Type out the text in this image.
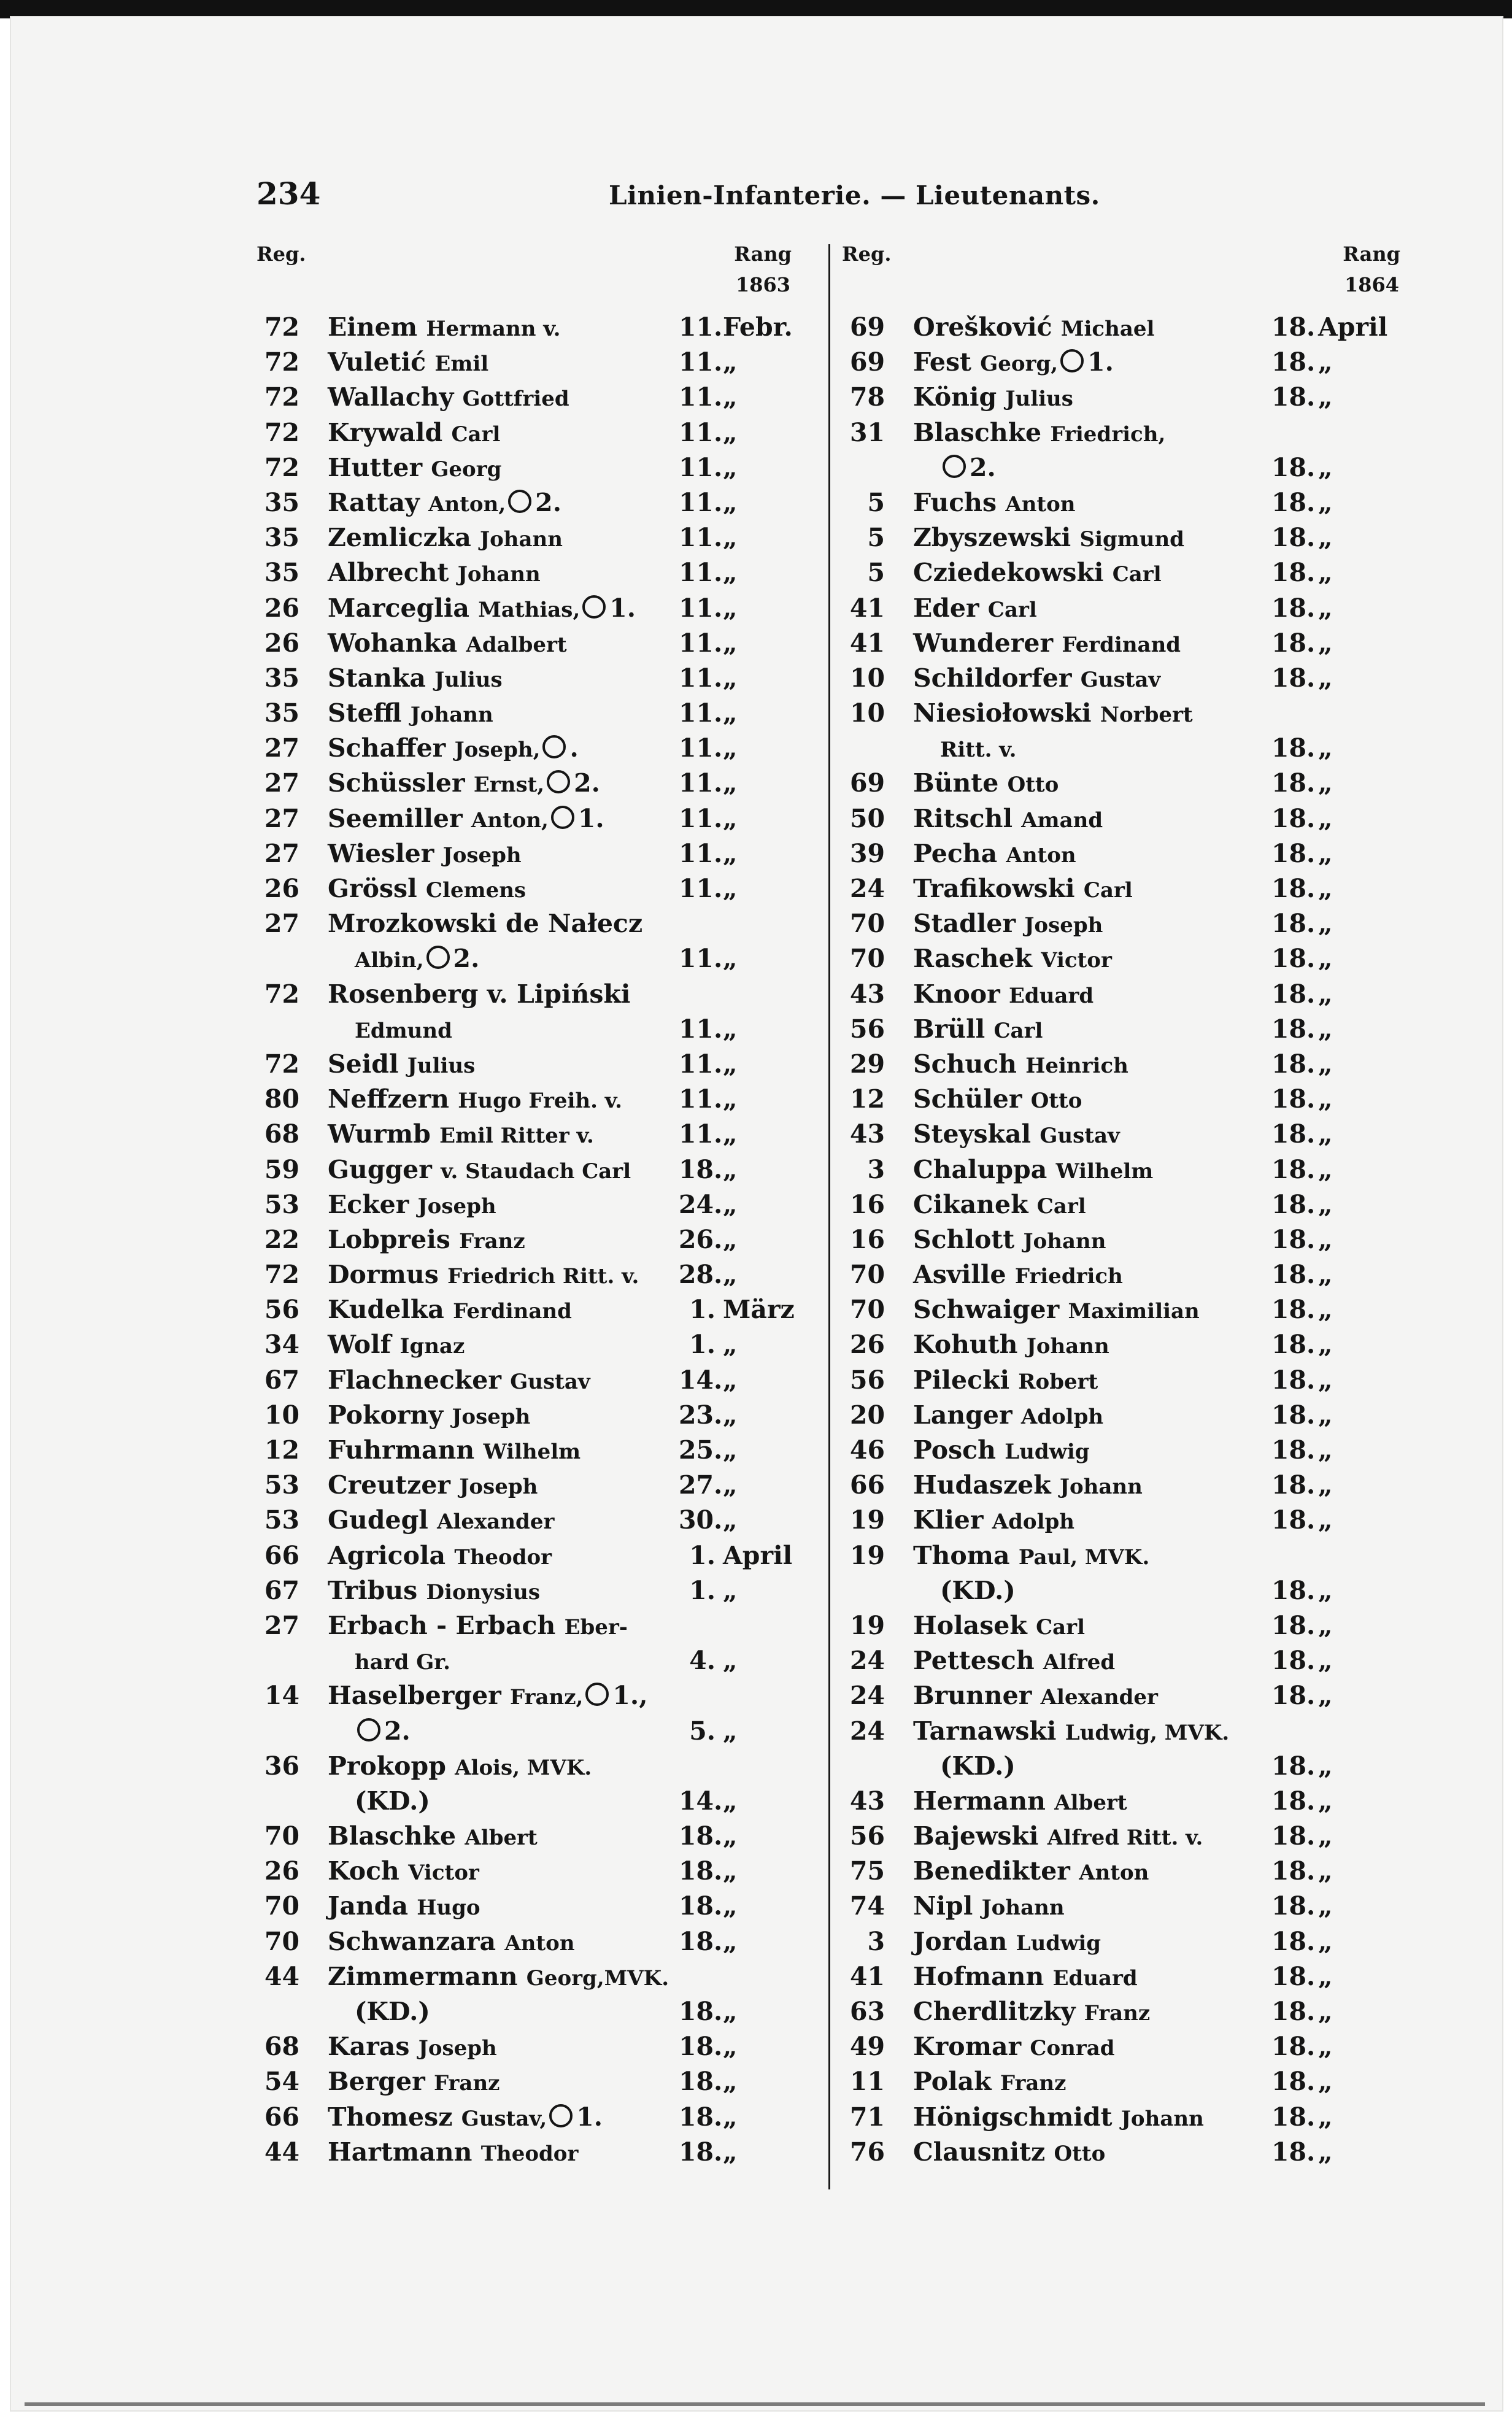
234	Linien-Infanterie. — Lieutenants.
Reg.	Rang
1863
72 Einem Hermann v.	11. Febr.
72 Vuletić Emil	11. „
72 Wallachy Gottfried	11. „
72 Krywald Carl	11. „
72 Hutter Georg	11. „
35 Rattay Anton, 2.	11. „
35 Zemliczka Johann	11. „
35 Albrecht Johann	11. „
26 Marceglia Mathias, 1. 11. „
26 Wohanka Adalbert	11. „
35 Stanka Julius	11. „
35 Steffl Johann	11. „
27 Schaffer Joseph, .	11. „
27 Schüssler Ernst, 2.	11. „
27 Seemiller Anton, 1.	11. „
27 Wiesler Joseph	11. „
26 Grössl Clemens	11. „
27 Mrozkowski de Nałecz
Albin, 2.	11. „
72 Rosenberg v. Lipiński
Edmund	11. „
72 Seidl Julius	11. „
80 Neffzern Hugo Freih. v. 11. „
68 Wurmb Emil Ritter v.	11. „
59 Gugger v. Staudach Carl 18. „
53 Ecker Joseph	24. „
22 Lobpreis Franz	26. „
72 Dormus Friedrich Ritt. v. 28. „
56 Kudelka Ferdinand	1. März
34 Wolf Ignaz	1. „
67 Flachnecker Gustav	14. „
10 Pokorny Joseph	23. „
12 Fuhrmann Wilhelm	25. „
53 Creutzer Joseph	27. „
53 Gudegl Alexander	30. „
66 Agricola Theodor	1. April
67 Tribus Dionysius	1. „
27 Erbach - Erbach Eber-
hard Gr.	4. „
14 Haselberger Franz, 1.,
2.	5. „
36 Prokopp Alois, MVK.
(KD.)	14. „
70 Blaschke Albert	18. „
26 Koch Victor	18. „
70 Janda Hugo	18. „
70 Schwanzara Anton	18. „
44 Zimmermann Georg,MVK.
(KD.)	18. „
68 Karas Joseph	18. „
54 Berger Franz	18. „
66 Thomesz Gustav, 1.	18. „
44 Hartmann Theodor	18. „
Reg.	Rang
1864
69 Orešković Michael	18. April
69 Fest Georg, 1.	18. „
78 König Julius	18. „
31 Blaschke Friedrich,
2.	18. „
5 Fuchs Anton	18. „
5 Zbyszewski Sigmund	18. „
5 Cziedekowski Carl	18. „
41 Eder Carl	18. „
41 Wunderer Ferdinand	18. „
10 Schildorfer Gustav	18. „
10 Niesiołowski Norbert
Ritt. v.	18. „
69 Bünte Otto	18. „
50 Ritschl Amand	18. „
39 Pecha Anton	18. „
24 Trafikowski Carl	18. „
70 Stadler Joseph	18. „
70 Raschek Victor	18. „
43 Knoor Eduard	18. „
56 Brüll Carl	18. „
29 Schuch Heinrich	18. „
12 Schüler Otto	18. „
43 Steyskal Gustav	18. „
3 Chaluppa Wilhelm	18. „
16 Cikanek Carl	18. „
16 Schlott Johann	18. „
70 Asville Friedrich	18. „
70 Schwaiger Maximilian	18. „
26 Kohuth Johann	18. „
56 Pilecki Robert	18. „
20 Langer Adolph	18. „
46 Posch Ludwig	18. „
66 Hudaszek Johann	18. „
19 Klier Adolph	18. „
19 Thoma Paul, MVK.
(KD.)	18. „
19 Holasek Carl	18. „
24 Pettesch Alfred	18. „
24 Brunner Alexander	18. „
24 Tarnawski Ludwig, MVK.
(KD.)	18. „
43 Hermann Albert	18. „
56 Bajewski Alfred Ritt. v.	18. „
75 Benedikter Anton	18. „
74 Nipl Johann	18. „
3 Jordan Ludwig	18. „
41 Hofmann Eduard	18. „
63 Cherdlitzky Franz	18. „
49 Kromar Conrad	18. „
11 Polak Franz	18. „
71 Hönigschmidt Johann	18. „
76 Clausnitz Otto	18. „
